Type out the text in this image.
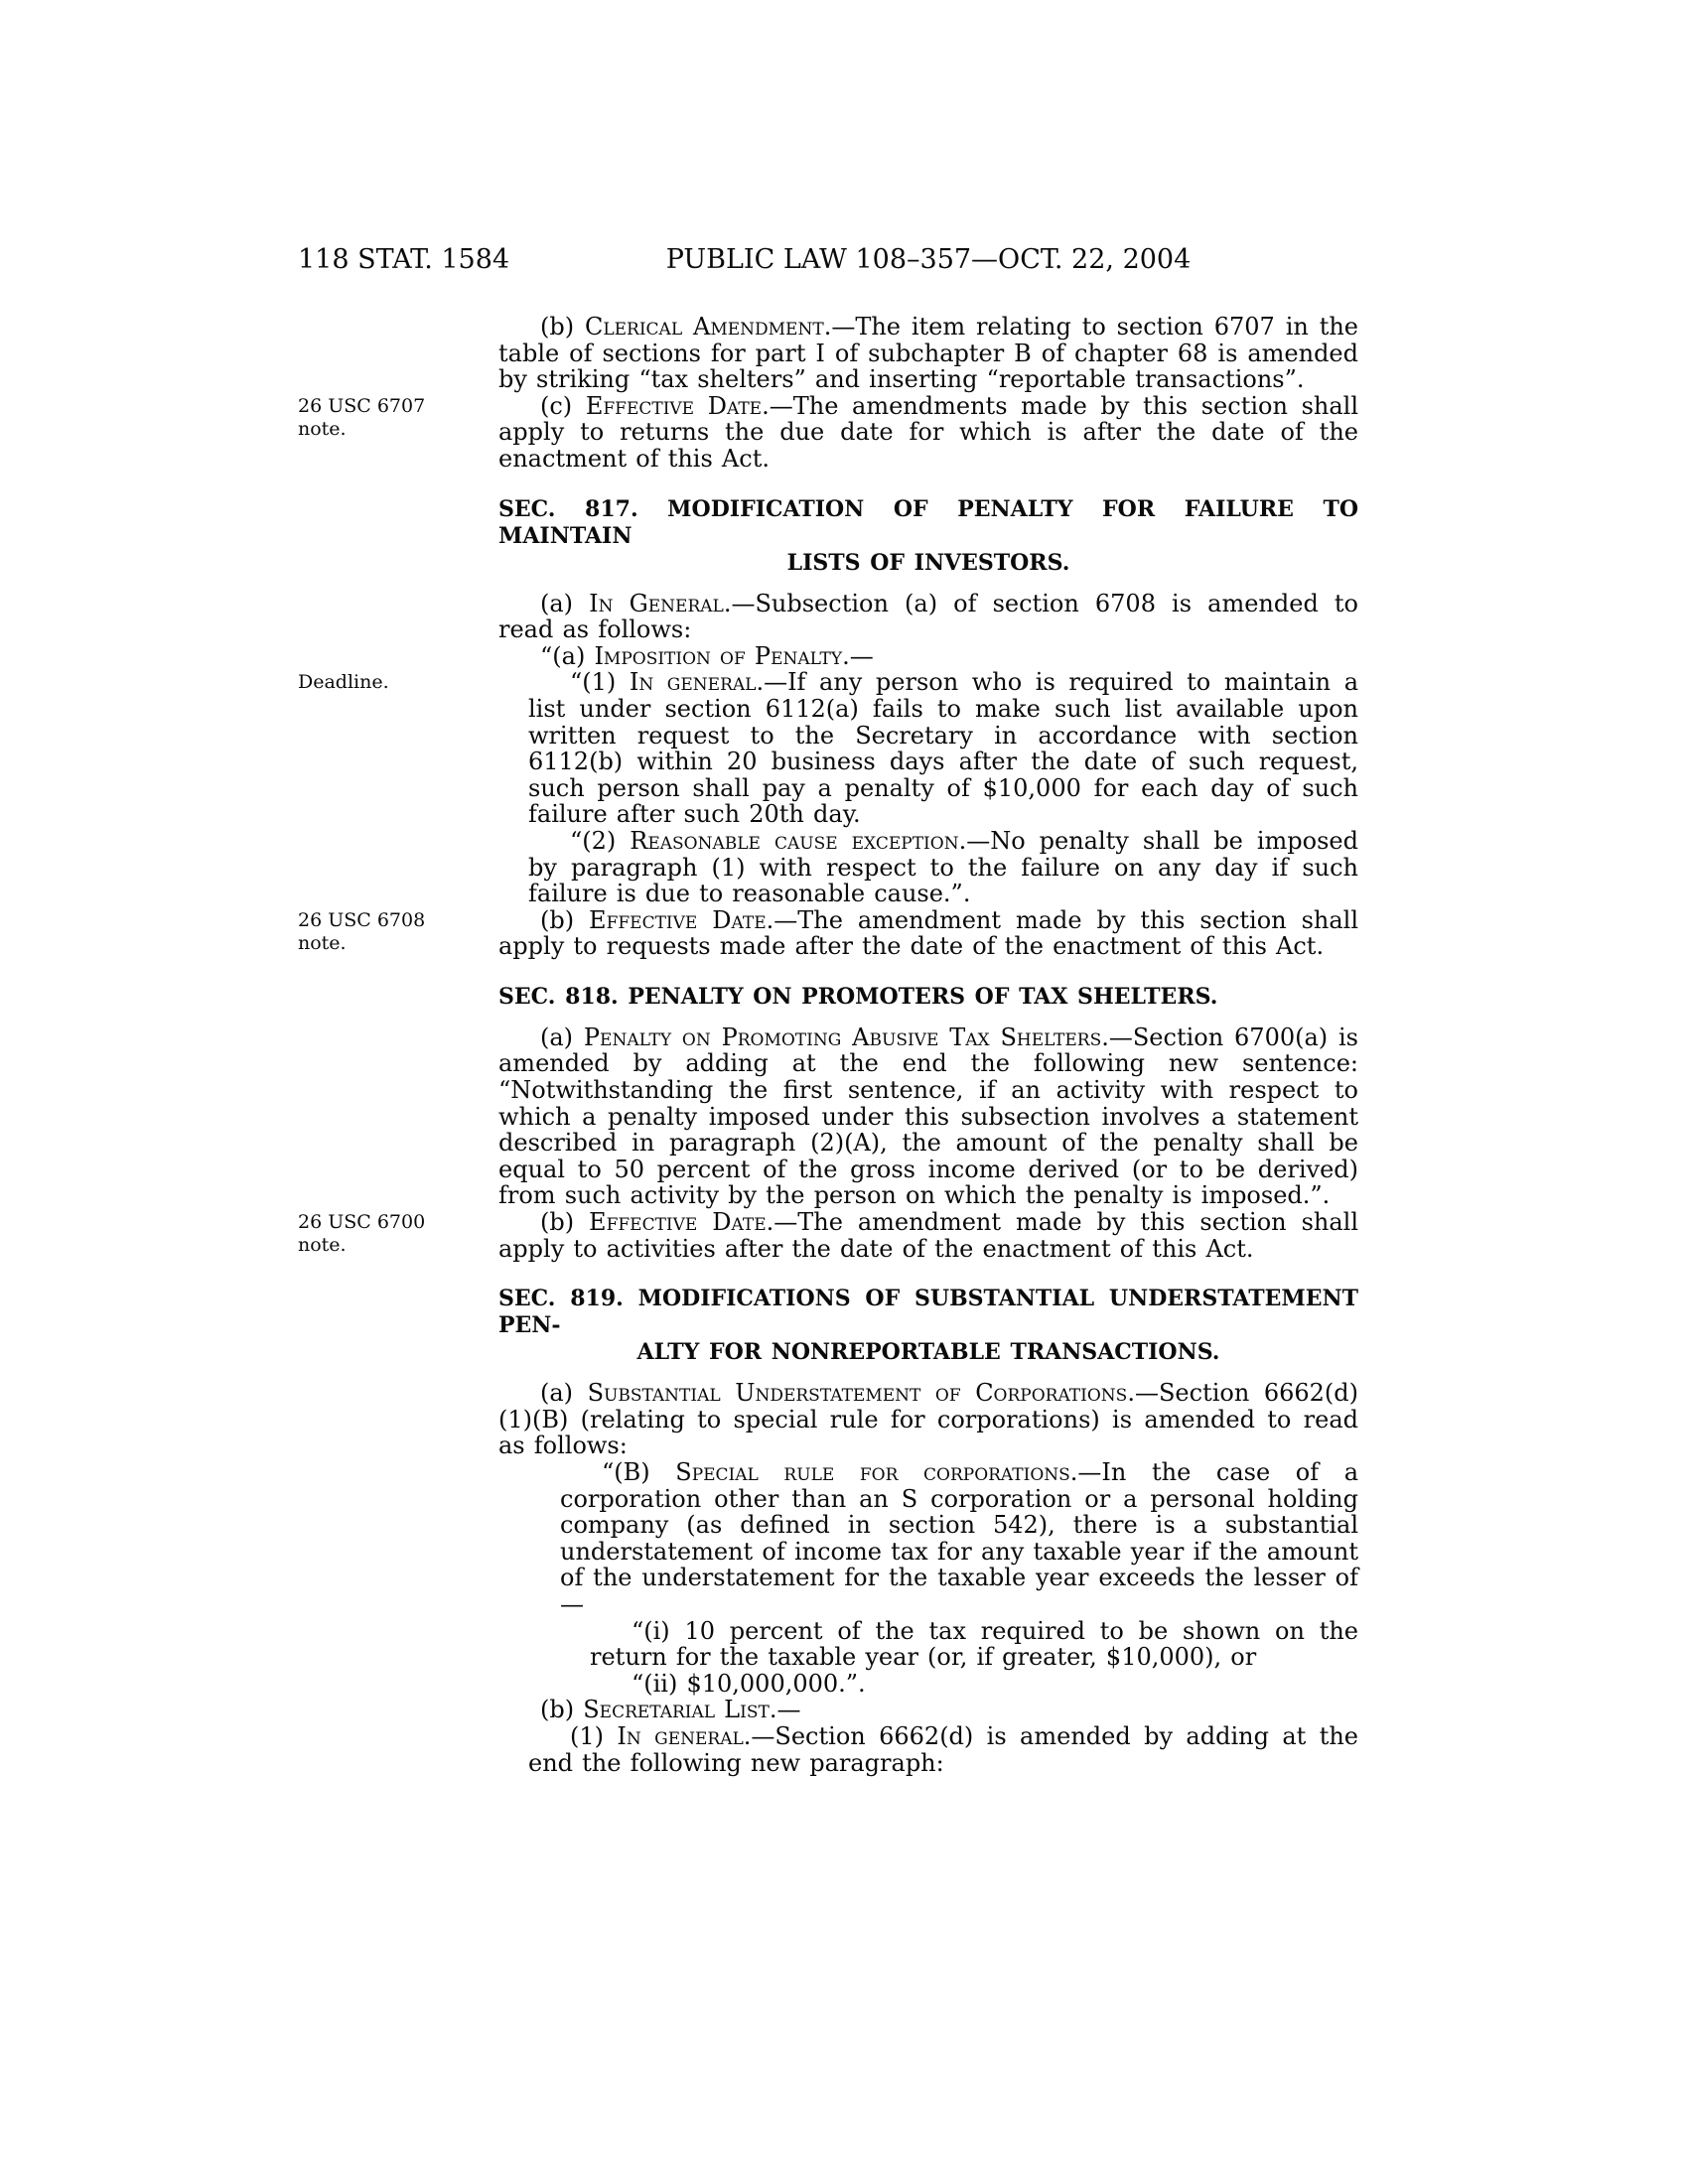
118 STAT. 1584	PUBLIC LAW 108–357—OCT. 22, 2004
(b) Clerical Amendment.—The item relating to section 6707 in the table of sections for part I of subchapter B of chapter 68 is amended by striking “tax shelters” and inserting “reportable transactions”.
26 USC 6707 note.
(c) Effective Date.—The amendments made by this section shall apply to returns the due date for which is after the date of the enactment of this Act.
SEC. 817. MODIFICATION OF PENALTY FOR FAILURE TO MAINTAIN
LISTS OF INVESTORS.
(a) In General.—Subsection (a) of section 6708 is amended to read as follows:
“(a) Imposition of Penalty.—
Deadline.	“(1) In general.—If any person who is required to maintain a list under section 6112(a) fails to make such list available upon written request to the Secretary in accordance with section 6112(b) within 20 business days after the date of such request, such person shall pay a penalty of $10,000 for each day of such failure after such 20th day.
“(2) Reasonable cause exception.—No penalty shall be imposed by paragraph (1) with respect to the failure on any day if such failure is due to reasonable cause.”.
26 USC 6708 note.
(b) Effective Date.—The amendment made by this section shall apply to requests made after the date of the enactment of this Act.
SEC. 818. PENALTY ON PROMOTERS OF TAX SHELTERS.
(a) Penalty on Promoting Abusive Tax Shelters.—Section 6700(a) is amended by adding at the end the following new sentence: “Notwithstanding the first sentence, if an activity with respect to which a penalty imposed under this subsection involves a statement described in paragraph (2)(A), the amount of the penalty shall be equal to 50 percent of the gross income derived (or to be derived) from such activity by the person on which the penalty is imposed.”.
26 USC 6700 note.
(b) Effective Date.—The amendment made by this section shall apply to activities after the date of the enactment of this Act.
SEC. 819. MODIFICATIONS OF SUBSTANTIAL UNDERSTATEMENT PEN-
ALTY FOR NONREPORTABLE TRANSACTIONS.
(a) Substantial Understatement of Corporations.—Section 6662(d)(1)(B) (relating to special rule for corporations) is amended to read as follows:
“(B) Special rule for corporations.—In the case of a corporation other than an S corporation or a personal holding company (as defined in section 542), there is a substantial understatement of income tax for any taxable year if the amount of the understatement for the taxable year exceeds the lesser of—
“(i) 10 percent of the tax required to be shown on the return for the taxable year (or, if greater, $10,000), or
“(ii) $10,000,000.”.
(b) Secretarial List.—
(1) In general.—Section 6662(d) is amended by adding at the end the following new paragraph:
